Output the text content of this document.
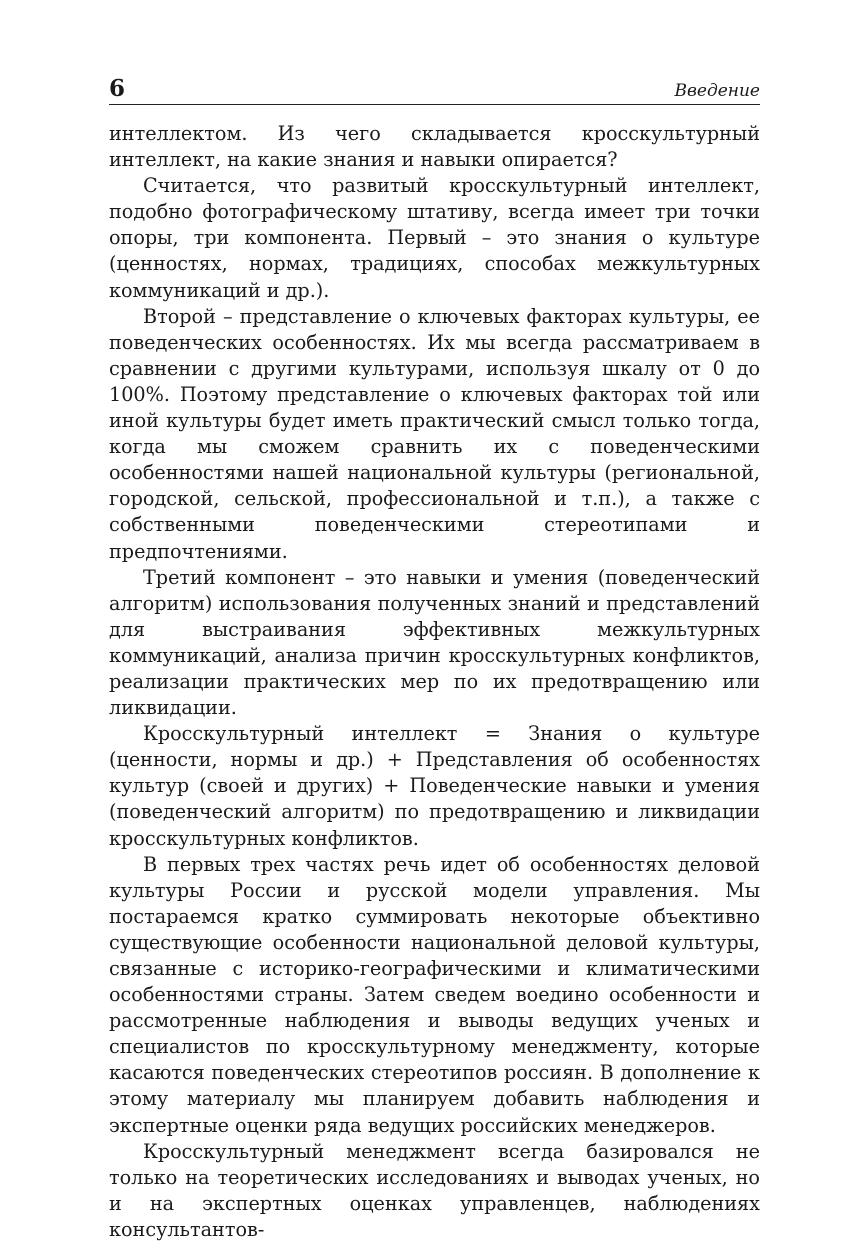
6	Введение

интеллектом. Из чего складывается кросскультурный интеллект, на какие знания и навыки опирается?

Считается, что развитый кросскультурный интеллект, подобно фотографическому штативу, всегда имеет три точки опоры, три компонента. Первый – это знания о культуре (ценностях, нормах, традициях, способах межкультурных коммуникаций и др.).

Второй – представление о ключевых факторах культуры, ее поведенческих особенностях. Их мы всегда рассматриваем в сравнении с другими культурами, используя шкалу от 0 до 100%. Поэтому представление о ключевых факторах той или иной культуры будет иметь практический смысл только тогда, когда мы сможем сравнить их с поведенческими особенностями нашей национальной культуры (региональной, городской, сельской, профессиональной и т.п.), а также с собственными поведенческими стереотипами и предпочтениями.

Третий компонент – это навыки и умения (поведенческий алгоритм) использования полученных знаний и представлений для выстраивания эффективных межкультурных коммуникаций, анализа причин кросскультурных конфликтов, реализации практических мер по их предотвращению или ликвидации.

Кросскультурный интеллект = Знания о культуре (ценности, нормы и др.) + Представления об особенностях культур (своей и других) + Поведенческие навыки и умения (поведенческий алгоритм) по предотвращению и ликвидации кросскультурных конфликтов.

В первых трех частях речь идет об особенностях деловой культуры России и русской модели управления. Мы постараемся кратко суммировать некоторые объективно существующие особенности национальной деловой культуры, связанные с историко-географическими и климатическими особенностями страны. Затем сведем воедино особенности и рассмотренные наблюдения и выводы ведущих ученых и специалистов по кросскультурному менеджменту, которые касаются поведенческих стереотипов россиян. В дополнение к этому материалу мы планируем добавить наблюдения и экспертные оценки ряда ведущих российских менеджеров.

Кросскультурный менеджмент всегда базировался не только на теоретических исследованиях и выводах ученых, но и на экспертных оценках управленцев, наблюдениях консультантов-
